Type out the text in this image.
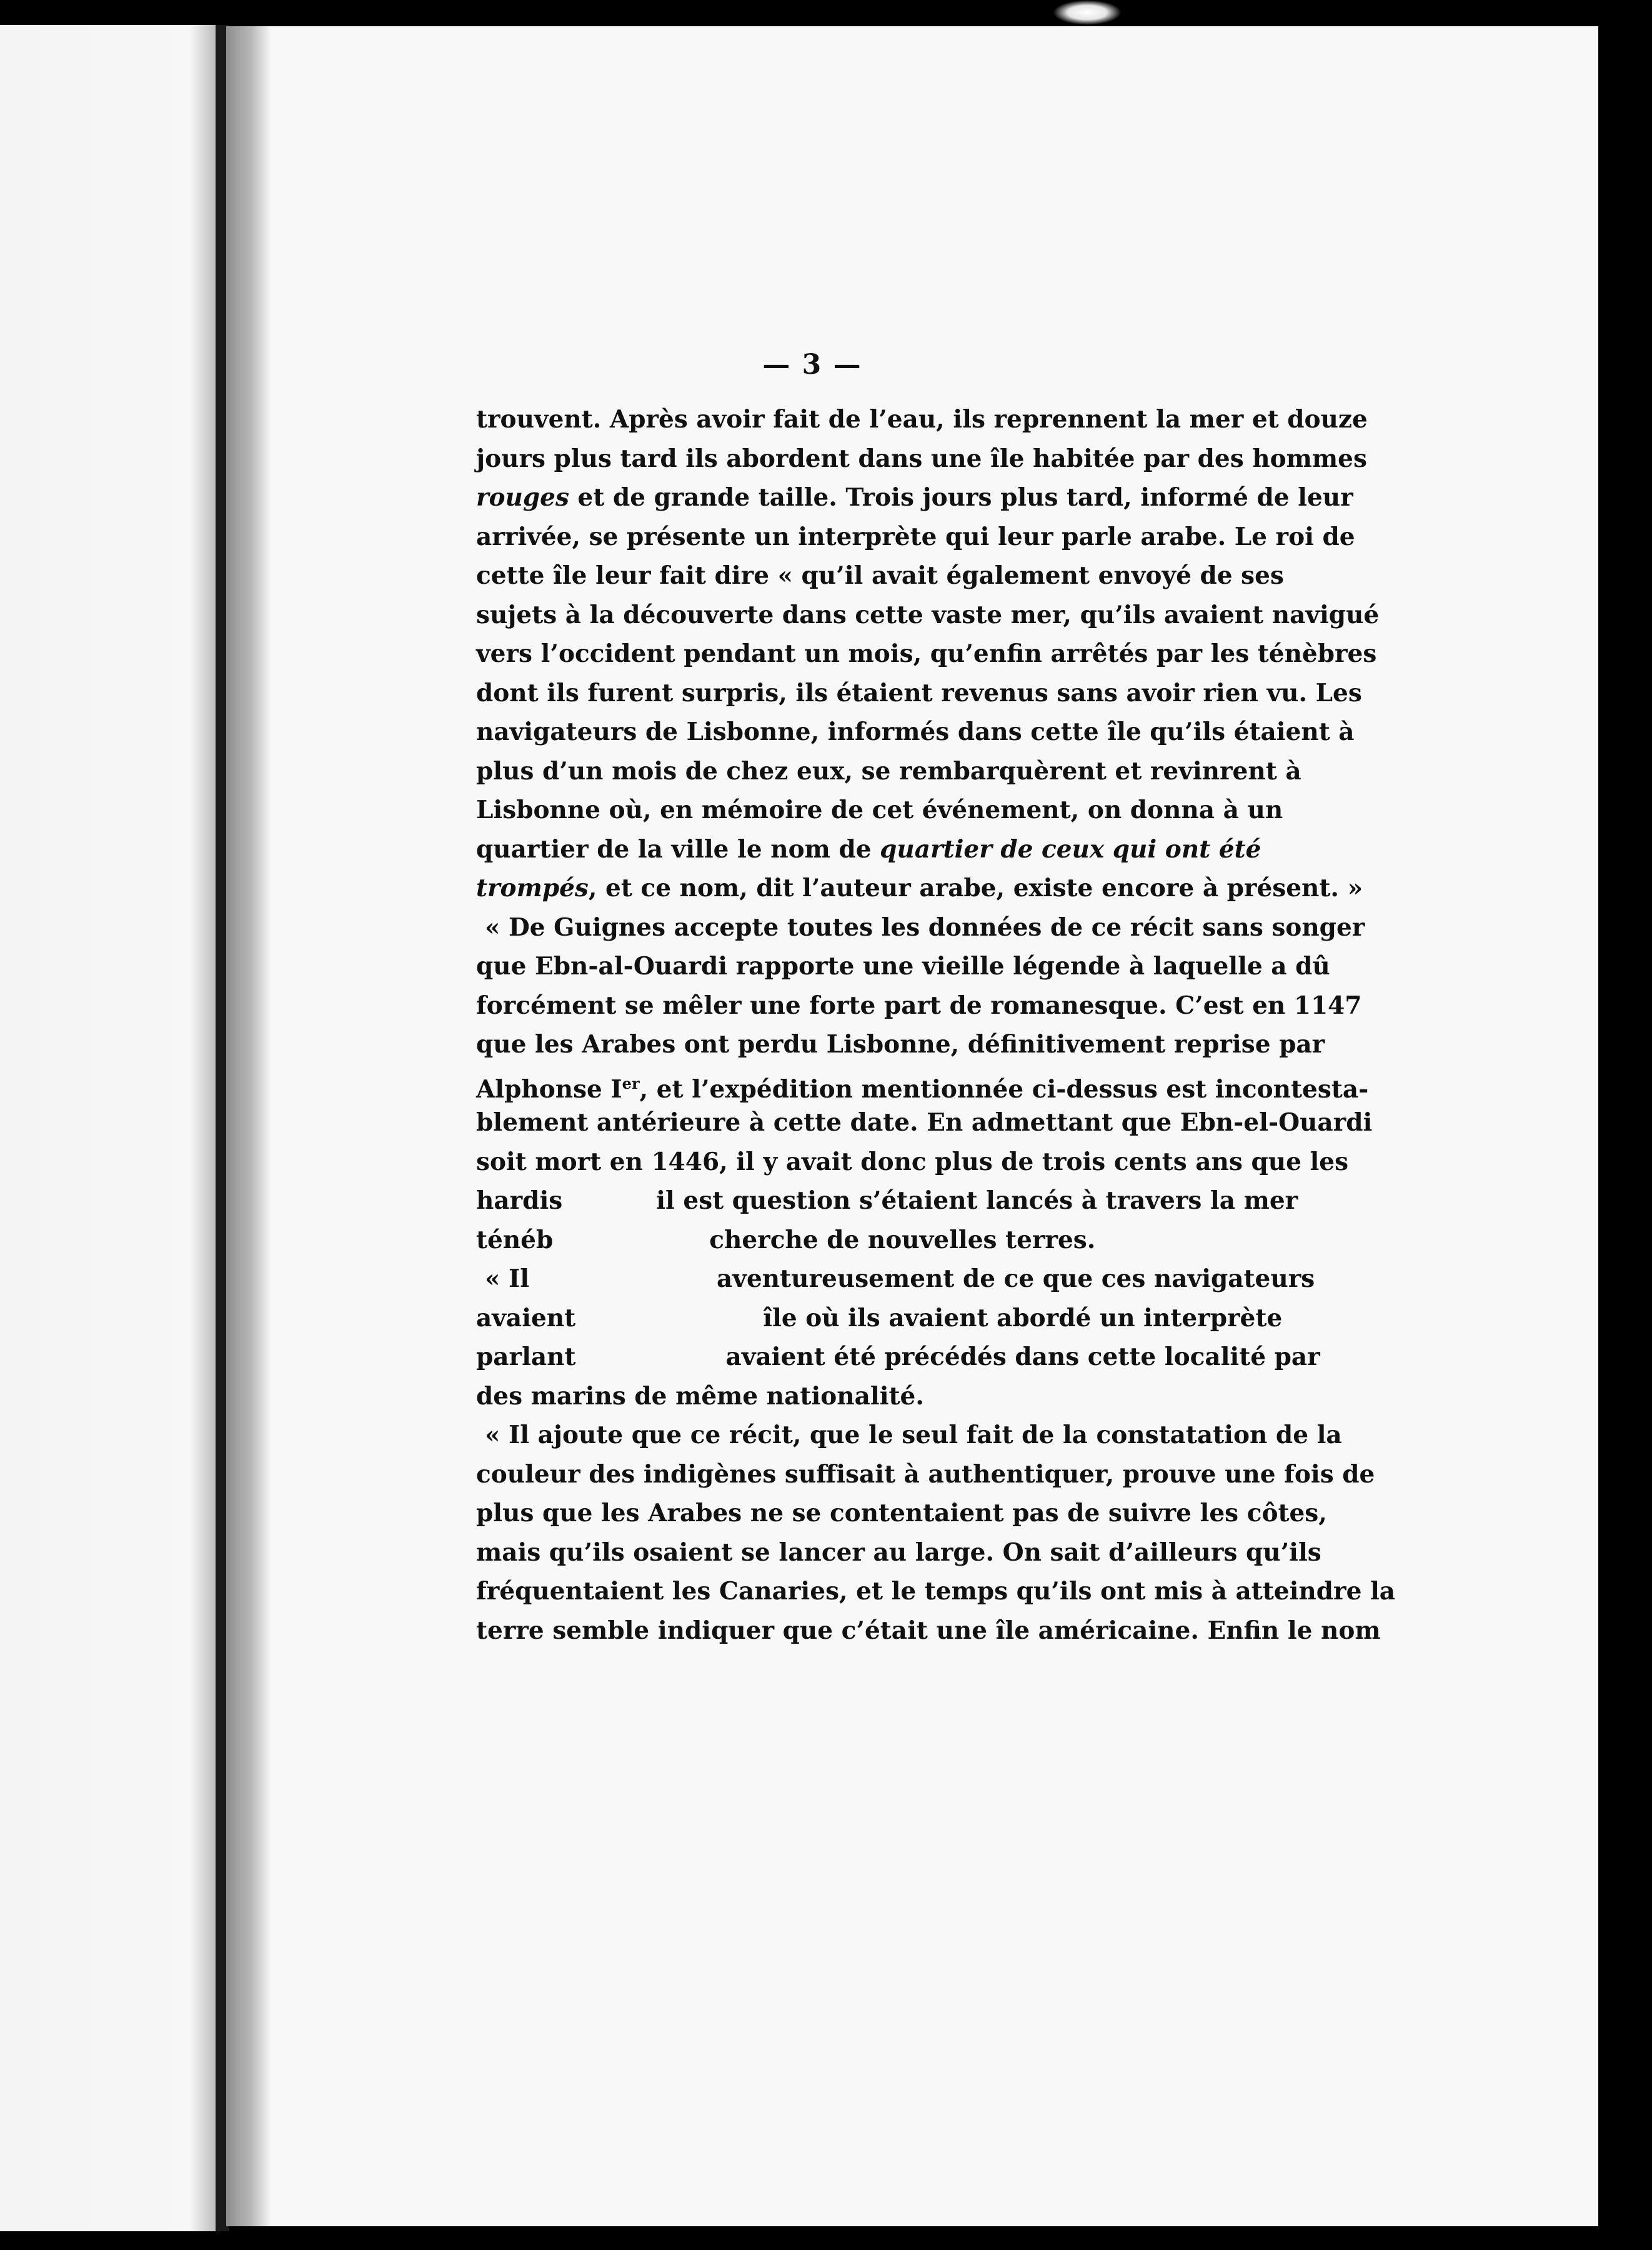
— 3 —
trouvent. Après avoir fait de l’eau, ils reprennent la mer et douze
jours plus tard ils abordent dans une île habitée par des hommes
rouges et de grande taille. Trois jours plus tard, informé de leur
arrivée, se présente un interprète qui leur parle arabe. Le roi de
cette île leur fait dire « qu’il avait également envoyé de ses
sujets à la découverte dans cette vaste mer, qu’ils avaient navigué
vers l’occident pendant un mois, qu’enfin arrêtés par les ténèbres
dont ils furent surpris, ils étaient revenus sans avoir rien vu. Les
navigateurs de Lisbonne, informés dans cette île qu’ils étaient à
plus d’un mois de chez eux, se rembarquèrent et revinrent à
Lisbonne où, en mémoire de cet événement, on donna à un
quartier de la ville le nom de quartier de ceux qui ont été
trompés, et ce nom, dit l’auteur arabe, existe encore à présent. »
« De Guignes accepte toutes les données de ce récit sans songer
que Ebn-al-Ouardi rapporte une vieille légende à laquelle a dû
forcément se mêler une forte part de romanesque. C’est en 1147
que les Arabes ont perdu Lisbonne, définitivement reprise par
Alphonse Ier, et l’expédition mentionnée ci-dessus est incontesta-
blement antérieure à cette date. En admettant que Ebn-el-Ouardi
soit mort en 1446, il y avait donc plus de trois cents ans que les
hardis	il est question s’étaient lancés à travers la mer
ténéb	cherche de nouvelles terres.
« Il	aventureusement de ce que ces navigateurs
avaient	île où ils avaient abordé un interprète
parlant	avaient été précédés dans cette localité par
des marins de même nationalité.
« Il ajoute que ce récit, que le seul fait de la constatation de la
couleur des indigènes suffisait à authentiquer, prouve une fois de
plus que les Arabes ne se contentaient pas de suivre les côtes,
mais qu’ils osaient se lancer au large. On sait d’ailleurs qu’ils
fréquentaient les Canaries, et le temps qu’ils ont mis à atteindre la
terre semble indiquer que c’était une île américaine. Enfin le nom
